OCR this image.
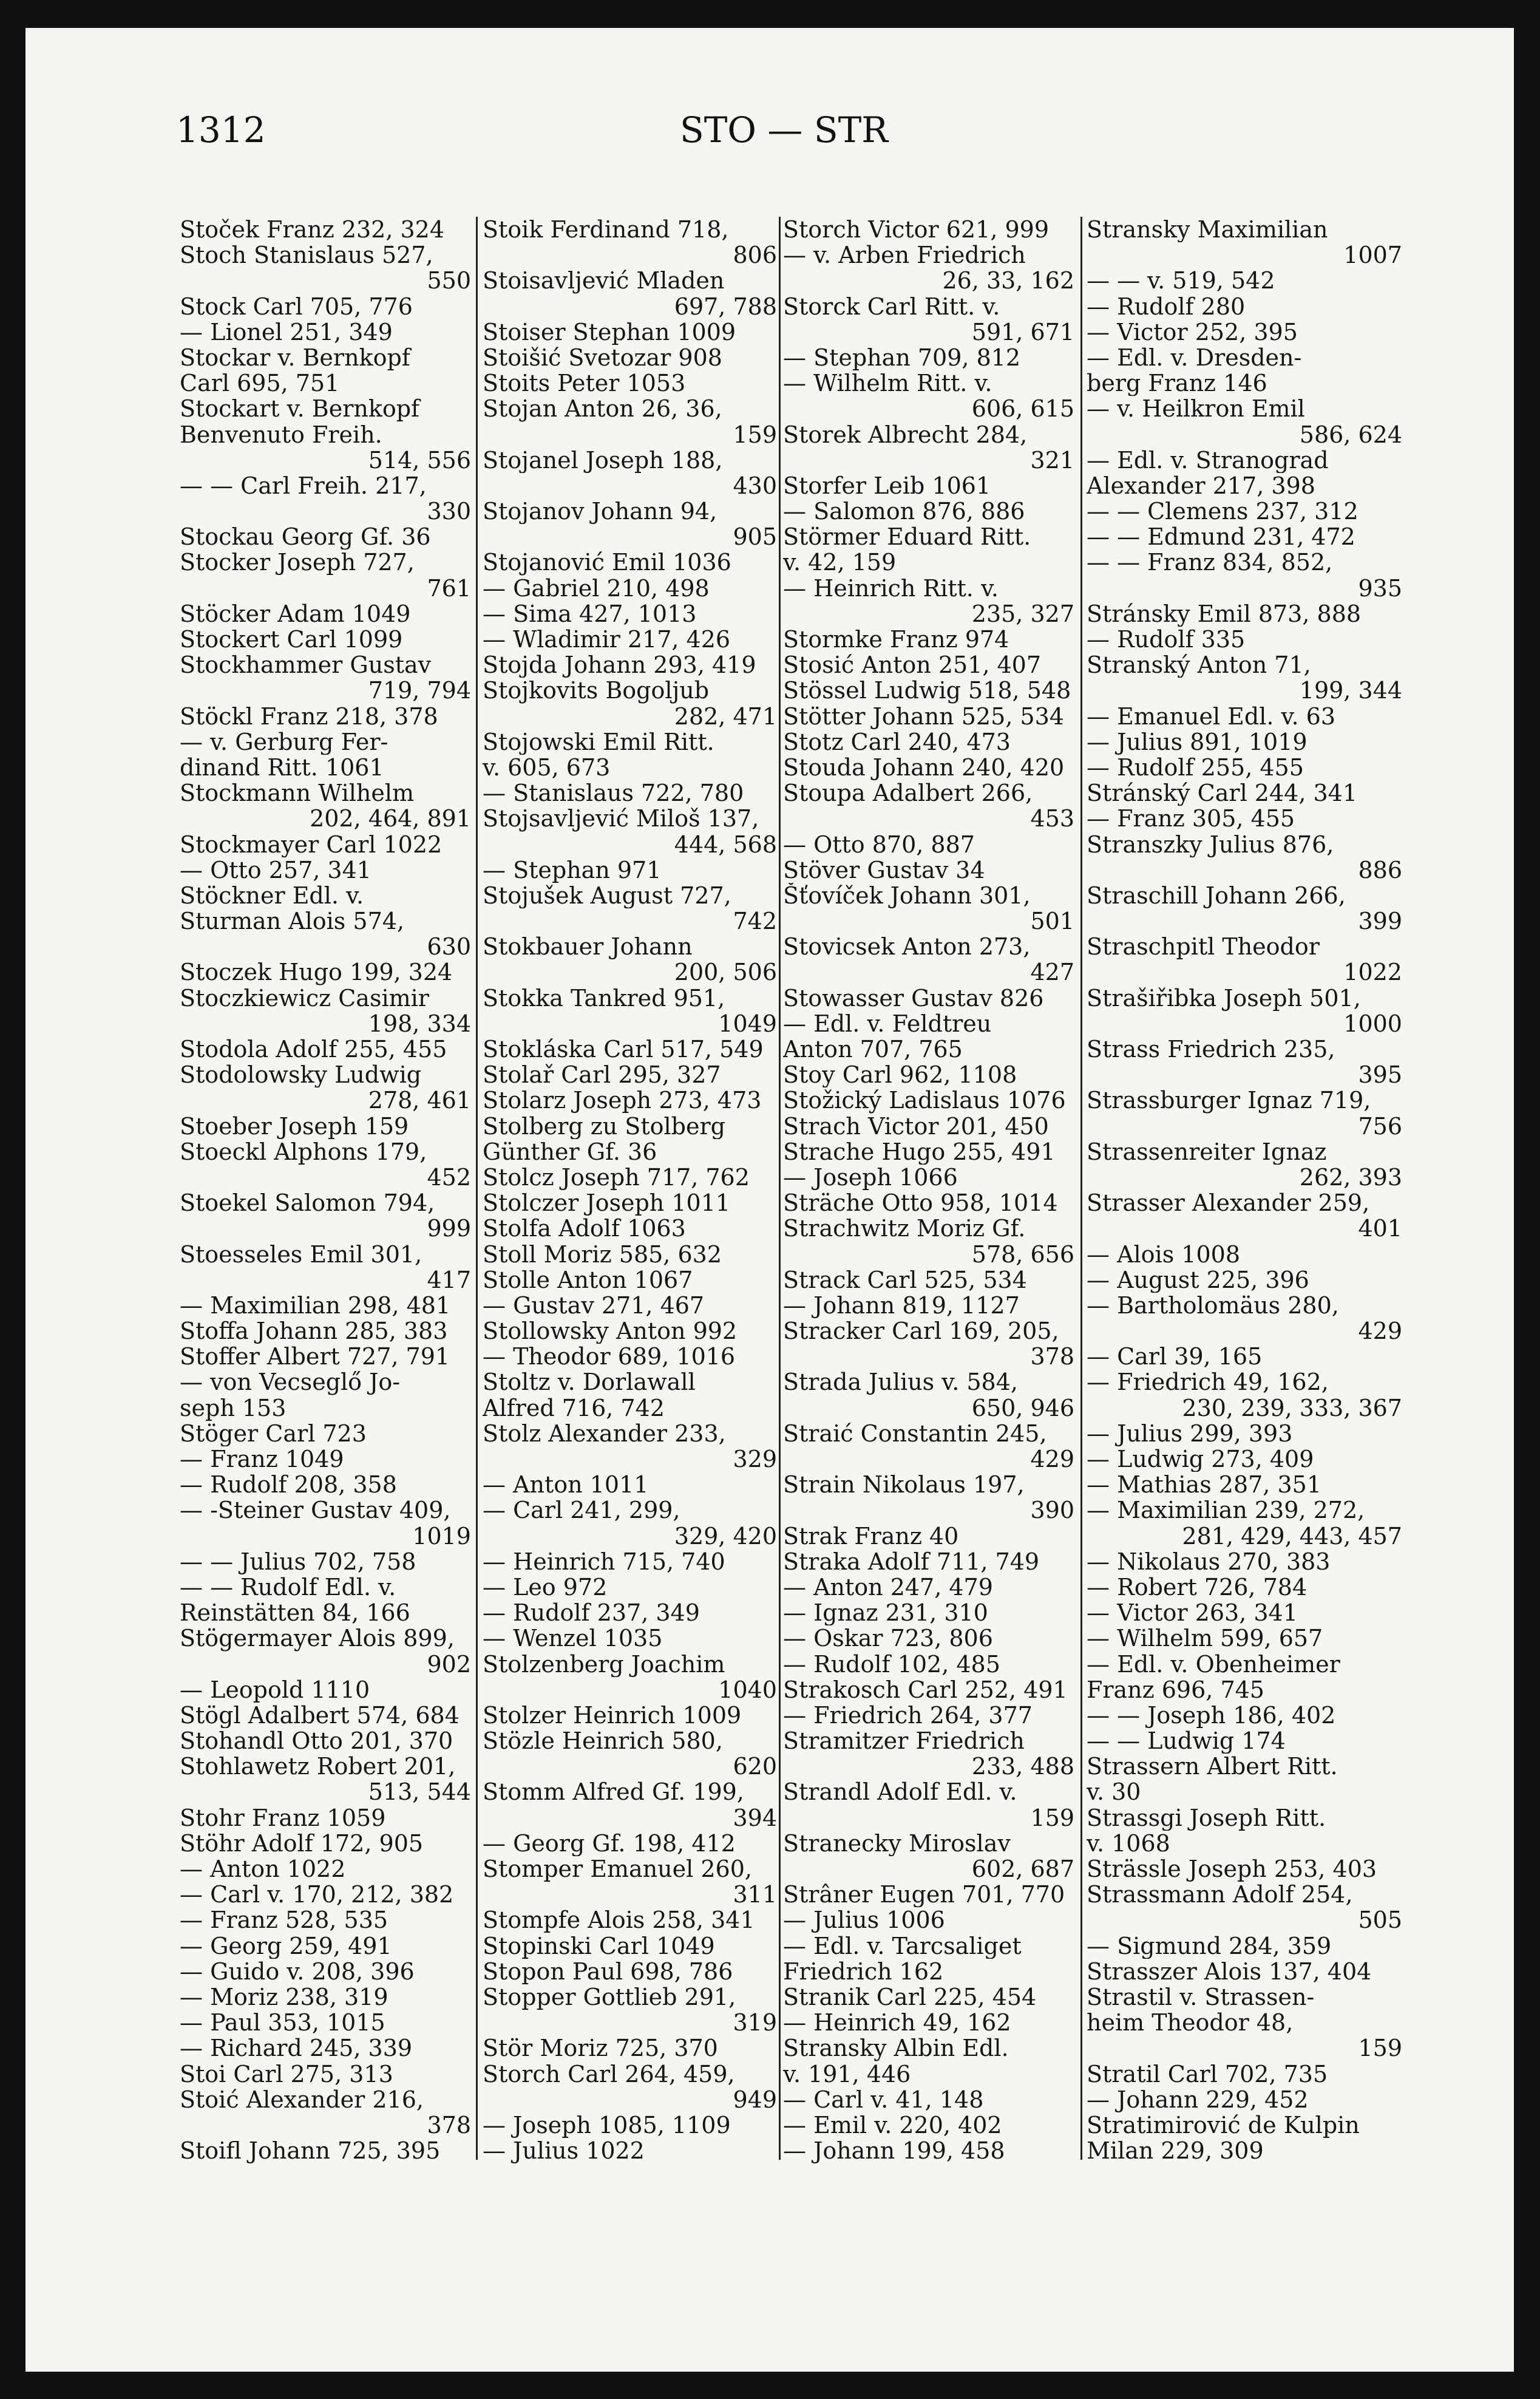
1312	STO — STR
Stoček Franz 232, 324
Stoch Stanislaus 527,
550
Stock Carl 705, 776
— Lionel 251, 349
Stockar v. Bernkopf
Carl 695, 751
Stockart v. Bernkopf
Benvenuto Freih.
514, 556
— — Carl Freih. 217,
330
Stockau Georg Gf. 36
Stocker Joseph 727,
761
Stöcker Adam 1049
Stockert Carl 1099
Stockhammer Gustav
719, 794
Stöckl Franz 218, 378
— v. Gerburg Fer-
dinand Ritt. 1061
Stockmann Wilhelm
202, 464, 891
Stockmayer Carl 1022
— Otto 257, 341
Stöckner Edl. v.
Sturman Alois 574,
630
Stoczek Hugo 199, 324
Stoczkiewicz Casimir
198, 334
Stodola Adolf 255, 455
Stodolowsky Ludwig
278, 461
Stoeber Joseph 159
Stoeckl Alphons 179,
452
Stoekel Salomon 794,
999
Stoesseles Emil 301,
417
— Maximilian 298, 481
Stoffa Johann 285, 383
Stoffer Albert 727, 791
— von Vecseglő Jo-
seph 153
Stöger Carl 723
— Franz 1049
— Rudolf 208, 358
— -Steiner Gustav 409,
1019
— — Julius 702, 758
— — Rudolf Edl. v.
Reinstätten 84, 166
Stögermayer Alois 899,
902
— Leopold 1110
Stögl Adalbert 574, 684
Stohandl Otto 201, 370
Stohlawetz Robert 201,
513, 544
Stohr Franz 1059
Stöhr Adolf 172, 905
— Anton 1022
— Carl v. 170, 212, 382
— Franz 528, 535
— Georg 259, 491
— Guido v. 208, 396
— Moriz 238, 319
— Paul 353, 1015
— Richard 245, 339
Stoi Carl 275, 313
Stoić Alexander 216,
378
Stoifl Johann 725, 395
Stoik Ferdinand 718,
806
Stoisavljević Mladen
697, 788
Stoiser Stephan 1009
Stoišić Svetozar 908
Stoits Peter 1053
Stojan Anton 26, 36,
159
Stojanel Joseph 188,
430
Stojanov Johann 94,
905
Stojanović Emil 1036
— Gabriel 210, 498
— Sima 427, 1013
— Wladimir 217, 426
Stojda Johann 293, 419
Stojkovits Bogoljub
282, 471
Stojowski Emil Ritt.
v. 605, 673
— Stanislaus 722, 780
Stojsavljević Miloš 137,
444, 568
— Stephan 971
Stojušek August 727,
742
Stokbauer Johann
200, 506
Stokka Tankred 951,
1049
Stokláska Carl 517, 549
Stolař Carl 295, 327
Stolarz Joseph 273, 473
Stolberg zu Stolberg
Günther Gf. 36
Stolcz Joseph 717, 762
Stolczer Joseph 1011
Stolfa Adolf 1063
Stoll Moriz 585, 632
Stolle Anton 1067
— Gustav 271, 467
Stollowsky Anton 992
— Theodor 689, 1016
Stoltz v. Dorlawall
Alfred 716, 742
Stolz Alexander 233,
329
— Anton 1011
— Carl 241, 299,
329, 420
— Heinrich 715, 740
— Leo 972
— Rudolf 237, 349
— Wenzel 1035
Stolzenberg Joachim
1040
Stolzer Heinrich 1009
Stözle Heinrich 580,
620
Stomm Alfred Gf. 199,
394
— Georg Gf. 198, 412
Stomper Emanuel 260,
311
Stompfe Alois 258, 341
Stopinski Carl 1049
Stopon Paul 698, 786
Stopper Gottlieb 291,
319
Stör Moriz 725, 370
Storch Carl 264, 459,
949
— Joseph 1085, 1109
— Julius 1022
Storch Victor 621, 999
— v. Arben Friedrich
26, 33, 162
Storck Carl Ritt. v.
591, 671
— Stephan 709, 812
— Wilhelm Ritt. v.
606, 615
Storek Albrecht 284,
321
Storfer Leib 1061
— Salomon 876, 886
Störmer Eduard Ritt.
v. 42, 159
— Heinrich Ritt. v.
235, 327
Stormke Franz 974
Stosić Anton 251, 407
Stössel Ludwig 518, 548
Stötter Johann 525, 534
Stotz Carl 240, 473
Stouda Johann 240, 420
Stoupa Adalbert 266,
453
— Otto 870, 887
Stöver Gustav 34
Šťovíček Johann 301,
501
Stovicsek Anton 273,
427
Stowasser Gustav 826
— Edl. v. Feldtreu
Anton 707, 765
Stoy Carl 962, 1108
Stožický Ladislaus 1076
Strach Victor 201, 450
Strache Hugo 255, 491
— Joseph 1066
Sträche Otto 958, 1014
Strachwitz Moriz Gf.
578, 656
Strack Carl 525, 534
— Johann 819, 1127
Stracker Carl 169, 205,
378
Strada Julius v. 584,
650, 946
Straić Constantin 245,
429
Strain Nikolaus 197,
390
Strak Franz 40
Straka Adolf 711, 749
— Anton 247, 479
— Ignaz 231, 310
— Oskar 723, 806
— Rudolf 102, 485
Strakosch Carl 252, 491
— Friedrich 264, 377
Stramitzer Friedrich
233, 488
Strandl Adolf Edl. v.
159
Stranecky Miroslav
602, 687
Strâner Eugen 701, 770
— Julius 1006
— Edl. v. Tarcsaliget
Friedrich 162
Stranik Carl 225, 454
— Heinrich 49, 162
Stransky Albin Edl.
v. 191, 446
— Carl v. 41, 148
— Emil v. 220, 402
— Johann 199, 458
Stransky Maximilian
1007
— — v. 519, 542
— Rudolf 280
— Victor 252, 395
— Edl. v. Dresden-
berg Franz 146
— v. Heilkron Emil
586, 624
— Edl. v. Stranograd
Alexander 217, 398
— — Clemens 237, 312
— — Edmund 231, 472
— — Franz 834, 852,
935
Stránsky Emil 873, 888
— Rudolf 335
Stranský Anton 71,
199, 344
— Emanuel Edl. v. 63
— Julius 891, 1019
— Rudolf 255, 455
Stránský Carl 244, 341
— Franz 305, 455
Stranszky Julius 876,
886
Straschill Johann 266,
399
Straschpitl Theodor
1022
Strašiřibka Joseph 501,
1000
Strass Friedrich 235,
395
Strassburger Ignaz 719,
756
Strassenreiter Ignaz
262, 393
Strasser Alexander 259,
401
— Alois 1008
— August 225, 396
— Bartholomäus 280,
429
— Carl 39, 165
— Friedrich 49, 162,
230, 239, 333, 367
— Julius 299, 393
— Ludwig 273, 409
— Mathias 287, 351
— Maximilian 239, 272,
281, 429, 443, 457
— Nikolaus 270, 383
— Robert 726, 784
— Victor 263, 341
— Wilhelm 599, 657
— Edl. v. Obenheimer
Franz 696, 745
— — Joseph 186, 402
— — Ludwig 174
Strassern Albert Ritt.
v. 30
Strassgi Joseph Ritt.
v. 1068
Strässle Joseph 253, 403
Strassmann Adolf 254,
505
— Sigmund 284, 359
Strasszer Alois 137, 404
Strastil v. Strassen-
heim Theodor 48,
159
Stratil Carl 702, 735
— Johann 229, 452
Stratimirović de Kulpin
Milan 229, 309
